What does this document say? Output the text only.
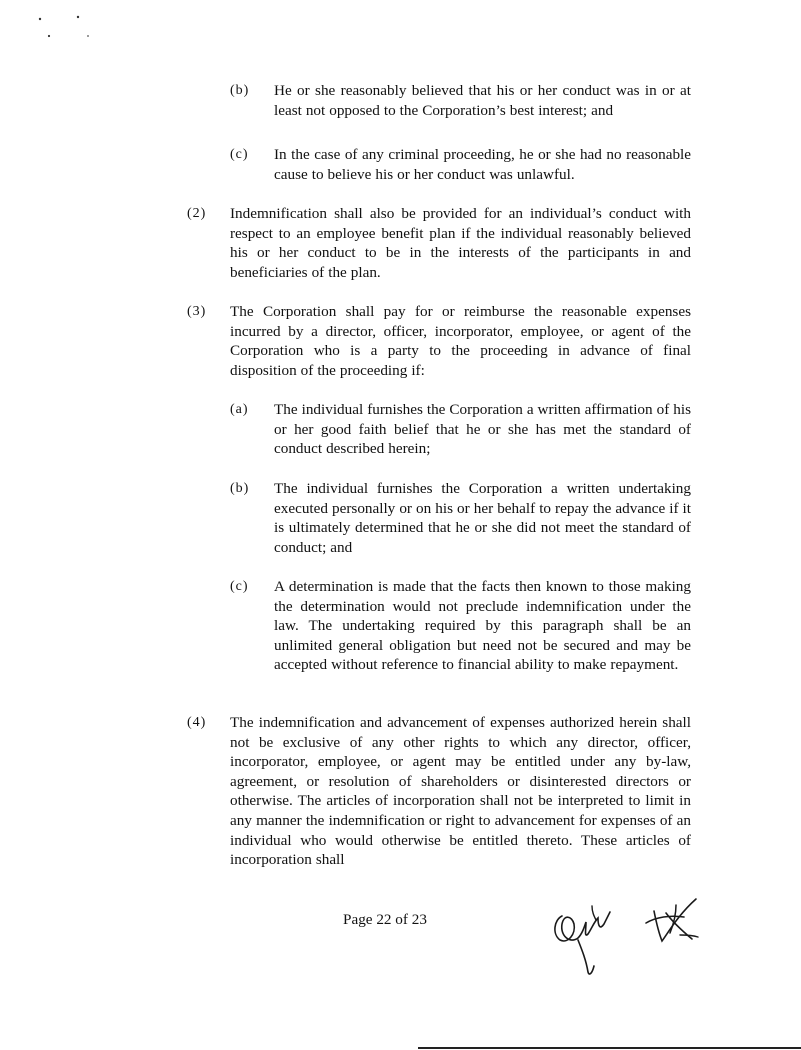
(b) He or she reasonably believed that his or her conduct was in or at least not opposed to the Corporation’s best interest; and
(c) In the case of any criminal proceeding, he or she had no reasonable cause to believe his or her conduct was unlawful.
(2) Indemnification shall also be provided for an individual’s conduct with respect to an employee benefit plan if the individual reasonably believed his or her conduct to be in the interests of the participants in and beneficiaries of the plan.
(3) The Corporation shall pay for or reimburse the reasonable expenses incurred by a director, officer, incorporator, employee, or agent of the Corporation who is a party to the proceeding in advance of final disposition of the proceeding if:
(a) The individual furnishes the Corporation a written affirmation of his or her good faith belief that he or she has met the standard of conduct described herein;
(b) The individual furnishes the Corporation a written undertaking executed personally or on his or her behalf to repay the advance if it is ultimately determined that he or she did not meet the standard of conduct; and
(c) A determination is made that the facts then known to those making the determination would not preclude indemnification under the law. The undertaking required by this paragraph shall be an unlimited general obligation but need not be secured and may be accepted without reference to financial ability to make repayment.
(4) The indemnification and advancement of expenses authorized herein shall not be exclusive of any other rights to which any director, officer, incorporator, employee, or agent may be entitled under any by-law, agreement, or resolution of shareholders or disinterested directors or otherwise. The articles of incorporation shall not be interpreted to limit in any manner the indemnification or right to advancement for expenses of an individual who would otherwise be entitled thereto. These articles of incorporation shall
Page 22 of 23
